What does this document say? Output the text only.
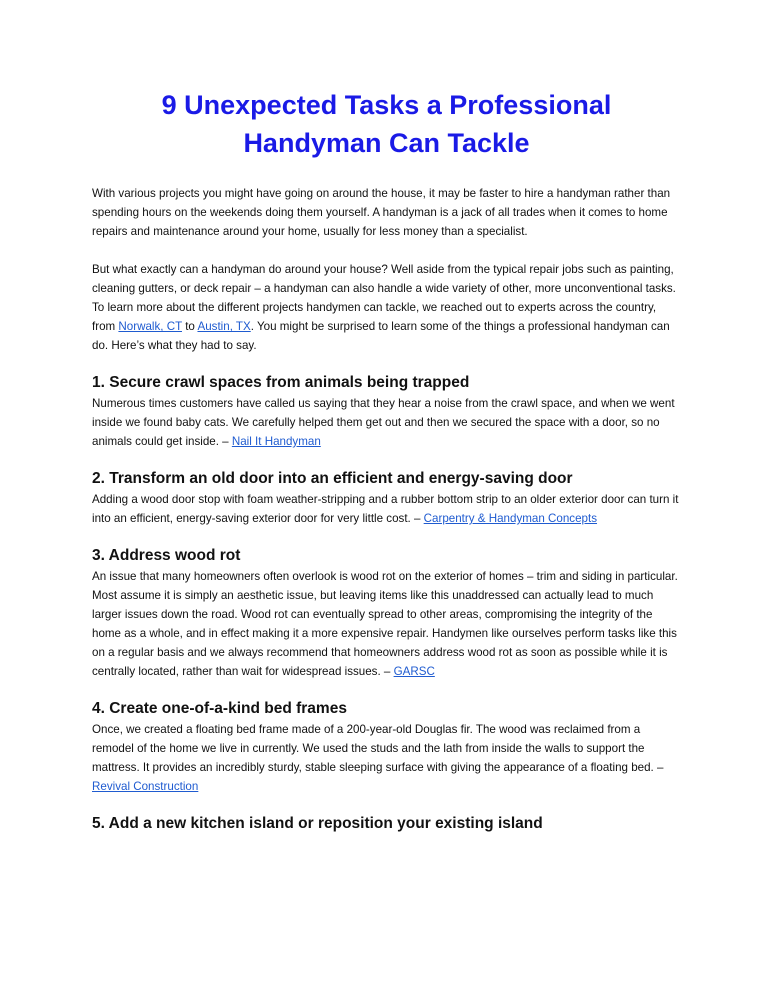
9 Unexpected Tasks a Professional Handyman Can Tackle

With various projects you might have going on around the house, it may be faster to hire a handyman rather than spending hours on the weekends doing them yourself. A handyman is a jack of all trades when it comes to home repairs and maintenance around your home, usually for less money than a specialist.

But what exactly can a handyman do around your house? Well aside from the typical repair jobs such as painting, cleaning gutters, or deck repair – a handyman can also handle a wide variety of other, more unconventional tasks. To learn more about the different projects handymen can tackle, we reached out to experts across the country, from Norwalk, CT to Austin, TX. You might be surprised to learn some of the things a professional handyman can do. Here’s what they had to say.

1. Secure crawl spaces from animals being trapped

Numerous times customers have called us saying that they hear a noise from the crawl space, and when we went inside we found baby cats. We carefully helped them get out and then we secured the space with a door, so no animals could get inside. – Nail It Handyman

2. Transform an old door into an efficient and energy-saving door

Adding a wood door stop with foam weather-stripping and a rubber bottom strip to an older exterior door can turn it into an efficient, energy-saving exterior door for very little cost. – Carpentry & Handyman Concepts

3. Address wood rot

An issue that many homeowners often overlook is wood rot on the exterior of homes – trim and siding in particular. Most assume it is simply an aesthetic issue, but leaving items like this unaddressed can actually lead to much larger issues down the road. Wood rot can eventually spread to other areas, compromising the integrity of the home as a whole, and in effect making it a more expensive repair. Handymen like ourselves perform tasks like this on a regular basis and we always recommend that homeowners address wood rot as soon as possible while it is centrally located, rather than wait for widespread issues. – GARSC

4. Create one-of-a-kind bed frames

Once, we created a floating bed frame made of a 200-year-old Douglas fir. The wood was reclaimed from a remodel of the home we live in currently. We used the studs and the lath from inside the walls to support the mattress. It provides an incredibly sturdy, stable sleeping surface with giving the appearance of a floating bed. – Revival Construction

5. Add a new kitchen island or reposition your existing island
